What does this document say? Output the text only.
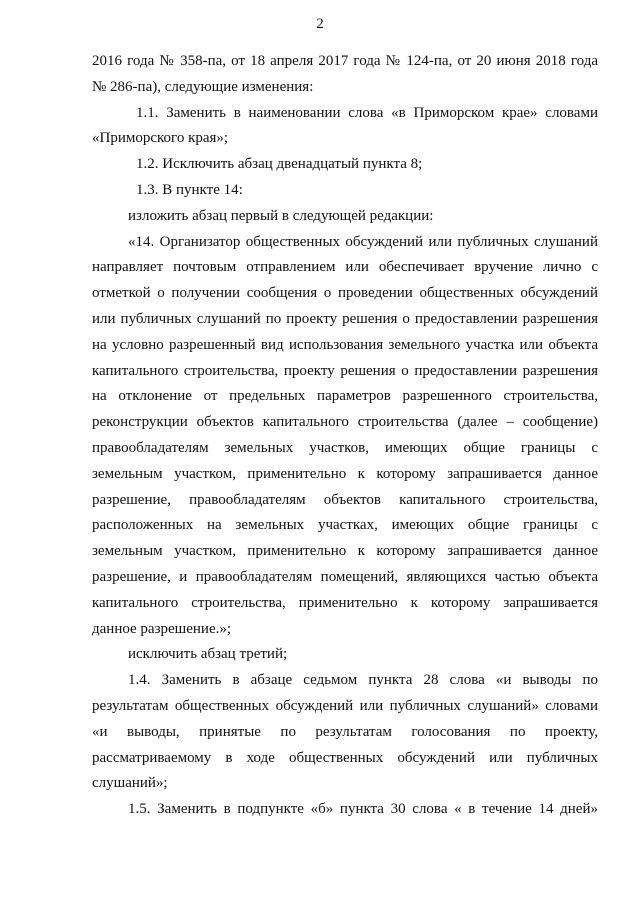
2
2016 года № 358-па, от 18 апреля 2017 года № 124-па, от 20 июня 2018 года
№ 286-па), следующие изменения:
1.1. Заменить в наименовании слова «в Приморском крае» словами
«Приморского края»;
1.2. Исключить абзац двенадцатый пункта 8;
1.3. В пункте 14:
изложить абзац первый в следующей редакции:
«14. Организатор общественных обсуждений или публичных слушаний
направляет почтовым отправлением или обеспечивает вручение лично с
отметкой о получении сообщения о проведении общественных обсуждений
или публичных слушаний по проекту решения о предоставлении разрешения
на условно разрешенный вид использования земельного участка или объекта
капитального строительства, проекту решения о предоставлении разрешения
на отклонение от предельных параметров разрешенного строительства,
реконструкции объектов капитального строительства (далее – сообщение)
правообладателям земельных участков, имеющих общие границы с
земельным участком, применительно к которому запрашивается данное
разрешение, правообладателям объектов капитального строительства,
расположенных на земельных участках, имеющих общие границы с
земельным участком, применительно к которому запрашивается данное
разрешение, и правообладателям помещений, являющихся частью объекта
капитального строительства, применительно к которому запрашивается
данное разрешение.»;
исключить абзац третий;
1.4. Заменить в абзаце седьмом пункта 28 слова «и выводы по
результатам общественных обсуждений или публичных слушаний» словами
«и выводы, принятые по результатам голосования по проекту,
рассматриваемому в ходе общественных обсуждений или публичных
слушаний»;
1.5. Заменить в подпункте «б» пункта 30 слова « в течение 14 дней»
